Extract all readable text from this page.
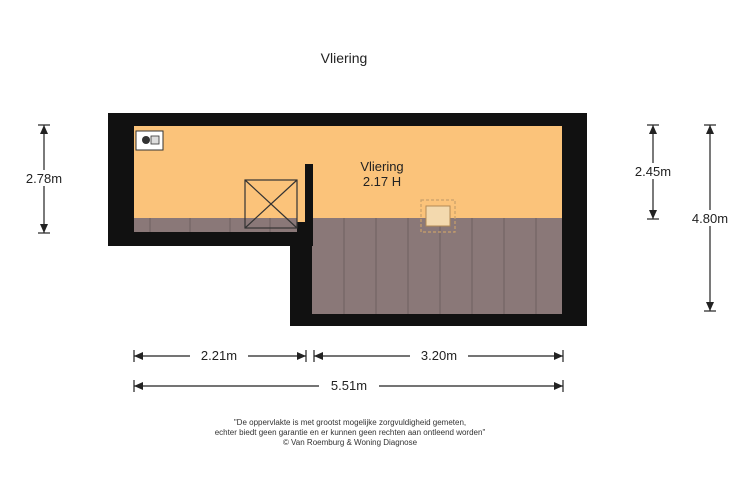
Vliering
Vliering
2.17 H
2.78m	2.45m
4.80m
2.21m	3.20m
5.51m
"De oppervlakte is met grootst mogelijke zorgvuldigheid gemeten,
echter biedt geen garantie en er kunnen geen rechten aan ontleend worden"
© Van Roemburg & Woning Diagnose
